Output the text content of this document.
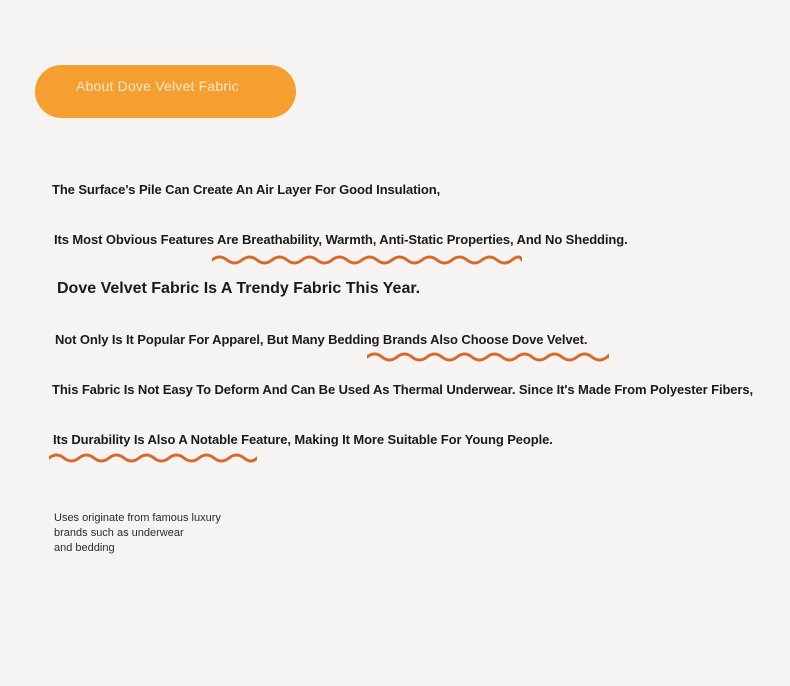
About Dove Velvet Fabric
The Surface's Pile Can Create An Air Layer For Good Insulation,
Its Most Obvious Features Are Breathability, Warmth, Anti-Static Properties, And No Shedding.
Dove Velvet Fabric Is A Trendy Fabric This Year.
Not Only Is It Popular For Apparel, But Many Bedding Brands Also Choose Dove Velvet.
This Fabric Is Not Easy To Deform And Can Be Used As Thermal Underwear. Since It's Made From Polyester Fibers,
Its Durability Is Also A Notable Feature, Making It More Suitable For Young People.
Uses originate from famous luxury
brands such as underwear
and bedding
